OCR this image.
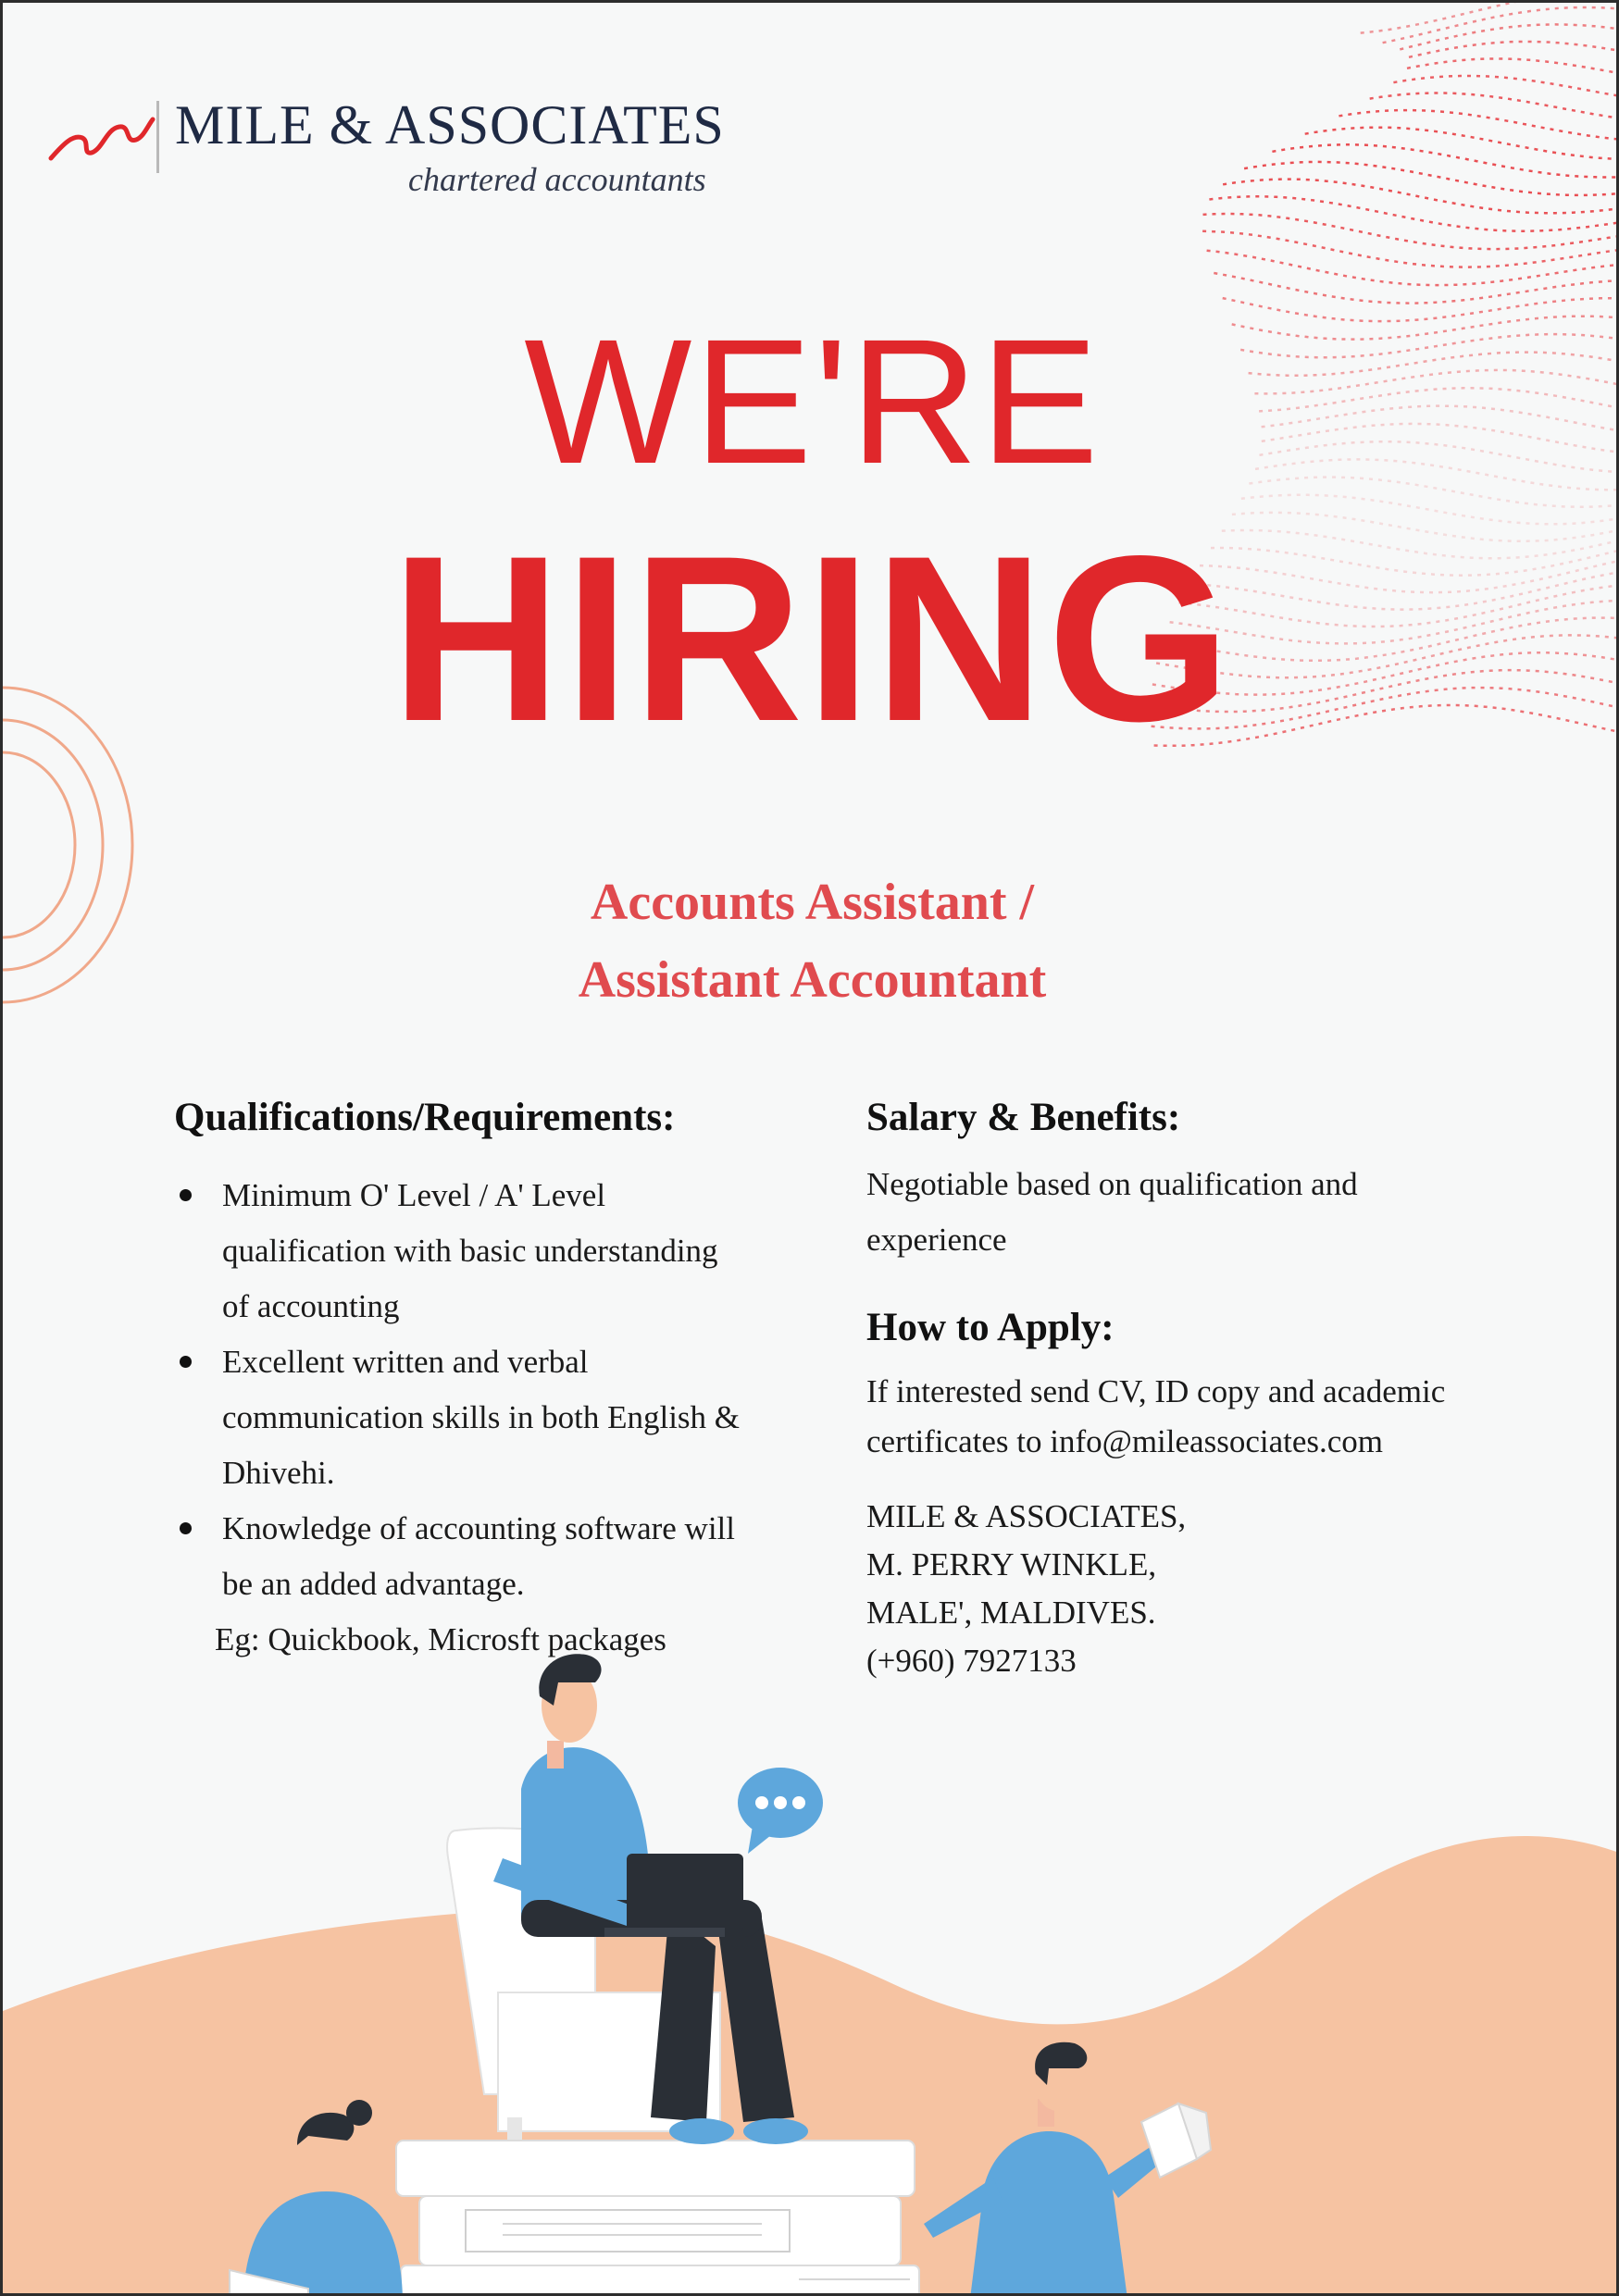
MILE & ASSOCIATES
chartered accountants
WE'RE
HIRING
Accounts Assistant /
Assistant Accountant
Qualifications/Requirements:
Minimum O' Level / A' Level
qualification with basic understanding
of accounting
Excellent written and verbal
communication skills in both English &
Dhivehi.
Knowledge of accounting software will
be an added advantage.
Eg: Quickbook, Microsft packages
Salary & Benefits:
Negotiable based on qualification and
experience
How to Apply:
If interested send CV, ID copy and academic
certificates to info@mileassociates.com
MILE & ASSOCIATES,
M. PERRY WINKLE,
MALE', MALDIVES.
(+960) 7927133
